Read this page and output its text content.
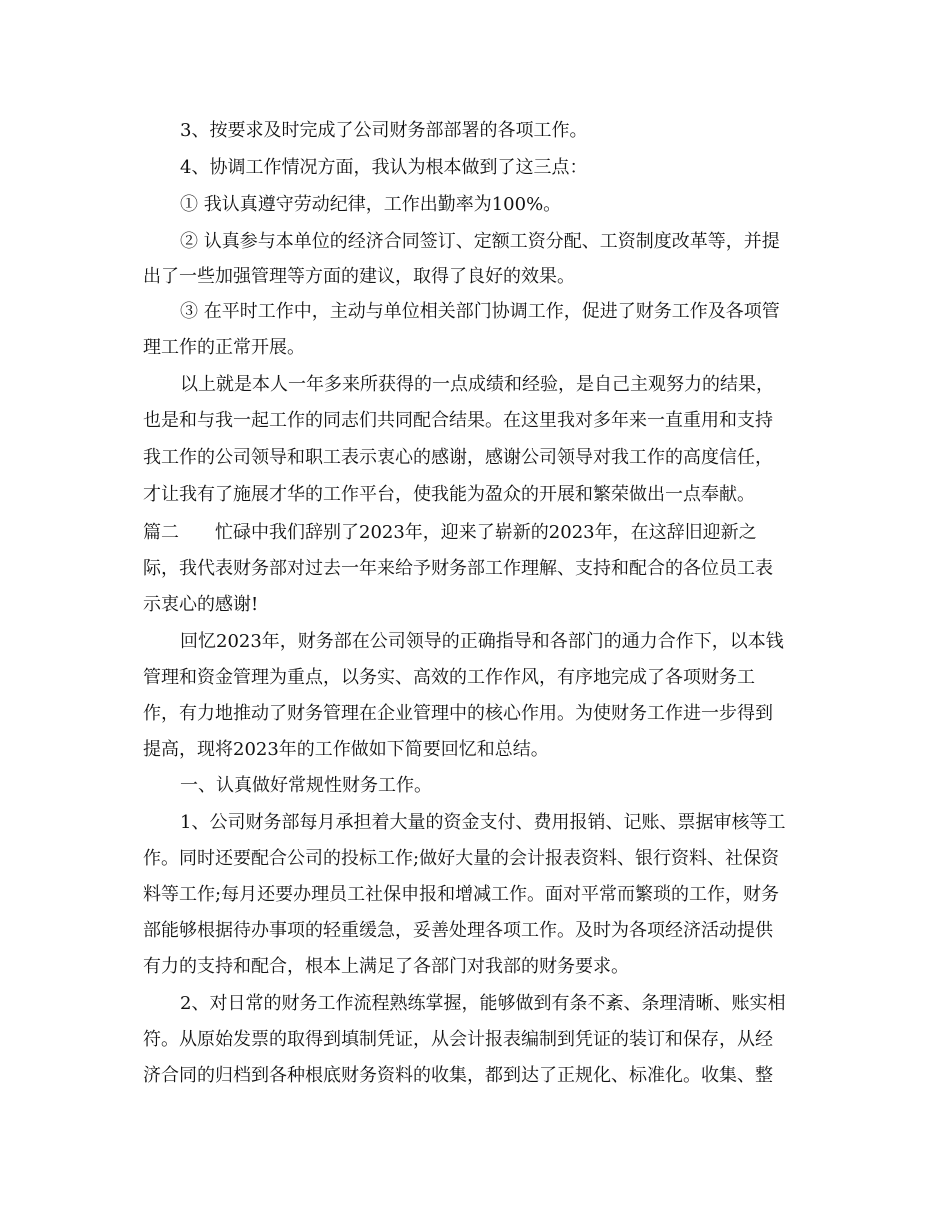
3、按要求及时完成了公司财务部部署的各项工作。
4、协调工作情况方面，我认为根本做到了这三点：
① 我认真遵守劳动纪律，工作出勤率为100%。
② 认真参与本单位的经济合同签订、定额工资分配、工资制度改革等，并提
出了一些加强管理等方面的建议，取得了良好的效果。
③ 在平时工作中，主动与单位相关部门协调工作，促进了财务工作及各项管
理工作的正常开展。
以上就是本人一年多来所获得的一点成绩和经验，是自己主观努力的结果，
也是和与我一起工作的同志们共同配合结果。在这里我对多年来一直重用和支持
我工作的公司领导和职工表示衷心的感谢，感谢公司领导对我工作的高度信任，
才让我有了施展才华的工作平台，使我能为盈众的开展和繁荣做出一点奉献。
篇二 忙碌中我们辞别了2023年，迎来了崭新的2023年，在这辞旧迎新之
际，我代表财务部对过去一年来给予财务部工作理解、支持和配合的各位员工表
示衷心的感谢!
回忆2023年，财务部在公司领导的正确指导和各部门的通力合作下，以本钱
管理和资金管理为重点，以务实、高效的工作作风，有序地完成了各项财务工
作，有力地推动了财务管理在企业管理中的核心作用。为使财务工作进一步得到
提高，现将2023年的工作做如下简要回忆和总结。
一、认真做好常规性财务工作。
1、公司财务部每月承担着大量的资金支付、费用报销、记账、票据审核等工
作。同时还要配合公司的投标工作;做好大量的会计报表资料、银行资料、社保资
料等工作;每月还要办理员工社保申报和增减工作。面对平常而繁琐的工作，财务
部能够根据待办事项的轻重缓急，妥善处理各项工作。及时为各项经济活动提供
有力的支持和配合，根本上满足了各部门对我部的财务要求。
2、对日常的财务工作流程熟练掌握，能够做到有条不紊、条理清晰、账实相
符。从原始发票的取得到填制凭证，从会计报表编制到凭证的装订和保存，从经
济合同的归档到各种根底财务资料的收集，都到达了正规化、标准化。收集、整
